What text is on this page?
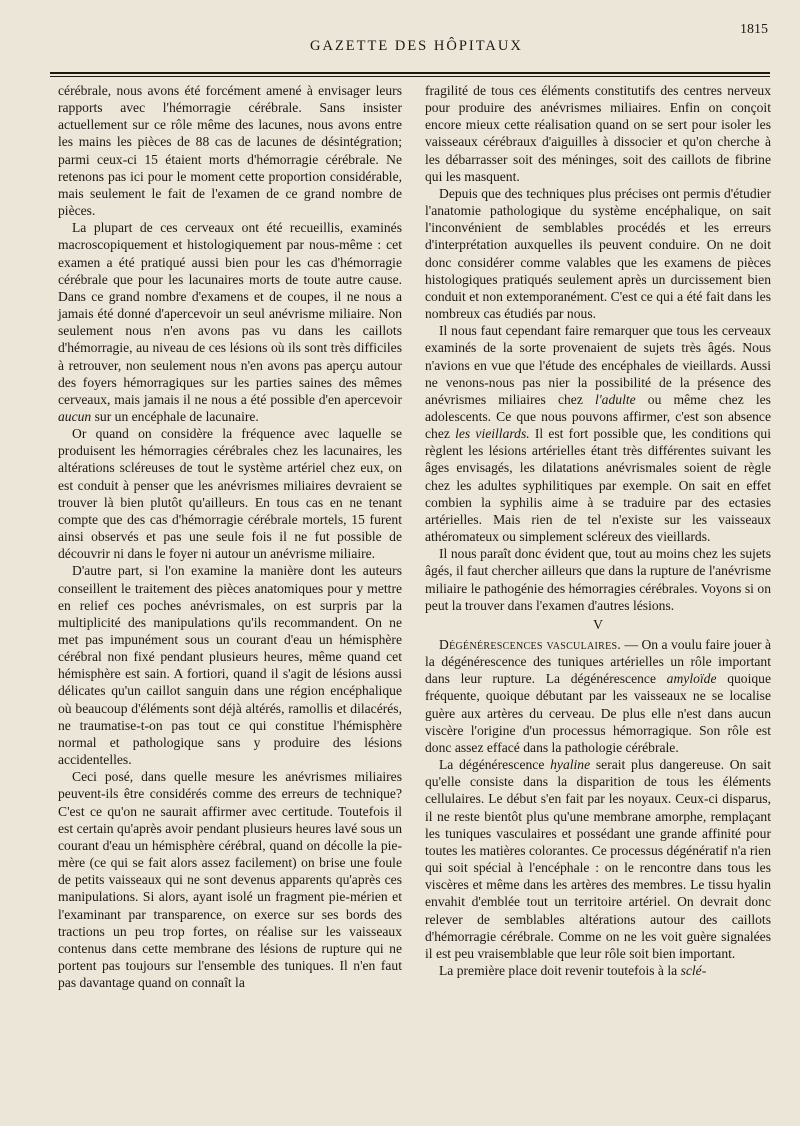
GAZETTE DES HÔPITAUX
1815

cérébrale, nous avons été forcément amené à envisager leurs rapports avec l'hémorragie cérébrale. Sans insister actuellement sur ce rôle même des lacunes, nous avons entre les mains les pièces de 88 cas de lacunes de désintégration; parmi ceux-ci 15 étaient morts d'hémorragie cérébrale. Ne retenons pas ici pour le moment cette proportion considérable, mais seulement le fait de l'examen de ce grand nombre de pièces.

La plupart de ces cerveaux ont été recueillis, examinés macroscopiquement et histologiquement par nous-même : cet examen a été pratiqué aussi bien pour les cas d'hémorragie cérébrale que pour les lacunaires morts de toute autre cause. Dans ce grand nombre d'examens et de coupes, il ne nous a jamais été donné d'apercevoir un seul anévrisme miliaire. Non seulement nous n'en avons pas vu dans les caillots d'hémorragie, au niveau de ces lésions où ils sont très difficiles à retrouver, non seulement nous n'en avons pas aperçu autour des foyers hémorragiques sur les parties saines des mêmes cerveaux, mais jamais il ne nous a été possible d'en apercevoir aucun sur un encéphale de lacunaire.

Or quand on considère la fréquence avec laquelle se produisent les hémorragies cérébrales chez les lacunaires, les altérations scléreuses de tout le système artériel chez eux, on est conduit à penser que les anévrismes miliaires devraient se trouver là bien plutôt qu'ailleurs. En tous cas en ne tenant compte que des cas d'hémorragie cérébrale mortels, 15 furent ainsi observés et pas une seule fois il ne fut possible de découvrir ni dans le foyer ni autour un anévrisme miliaire.

D'autre part, si l'on examine la manière dont les auteurs conseillent le traitement des pièces anatomiques pour y mettre en relief ces poches anévrismales, on est surpris par la multiplicité des manipulations qu'ils recommandent. On ne met pas impunément sous un courant d'eau un hémisphère cérébral non fixé pendant plusieurs heures, même quand cet hémisphère est sain. A fortiori, quand il s'agit de lésions aussi délicates qu'un caillot sanguin dans une région encéphalique où beaucoup d'éléments sont déjà altérés, ramollis et dilacérés, ne traumatise-t-on pas tout ce qui constitue l'hémisphère normal et pathologique sans y produire des lésions accidentelles.

Ceci posé, dans quelle mesure les anévrismes miliaires peuvent-ils être considérés comme des erreurs de technique? C'est ce qu'on ne saurait affirmer avec certitude. Toutefois il est certain qu'après avoir pendant plusieurs heures lavé sous un courant d'eau un hémisphère cérébral, quand on décolle la pie-mère (ce qui se fait alors assez facilement) on brise une foule de petits vaisseaux qui ne sont devenus apparents qu'après ces manipulations. Si alors, ayant isolé un fragment pie-mérien et l'examinant par transparence, on exerce sur ses bords des tractions un peu trop fortes, on réalise sur les vaisseaux contenus dans cette membrane des lésions de rupture qui ne portent pas toujours sur l'ensemble des tuniques. Il n'en faut pas davantage quand on connaît la

fragilité de tous ces éléments constitutifs des centres nerveux pour produire des anévrismes miliaires. Enfin on conçoit encore mieux cette réalisation quand on se sert pour isoler les vaisseaux cérébraux d'aiguilles à dissocier et qu'on cherche à les débarrasser soit des méninges, soit des caillots de fibrine qui les masquent.

Depuis que des techniques plus précises ont permis d'étudier l'anatomie pathologique du système encéphalique, on sait l'inconvénient de semblables procédés et les erreurs d'interprétation auxquelles ils peuvent conduire. On ne doit donc considérer comme valables que les examens de pièces histologiques pratiqués seulement après un durcissement bien conduit et non extemporanément. C'est ce qui a été fait dans les nombreux cas étudiés par nous.

Il nous faut cependant faire remarquer que tous les cerveaux examinés de la sorte provenaient de sujets très âgés. Nous n'avions en vue que l'étude des encéphales de vieillards. Aussi ne venons-nous pas nier la possibilité de la présence des anévrismes miliaires chez l'adulte ou même chez les adolescents. Ce que nous pouvons affirmer, c'est son absence chez les vieillards. Il est fort possible que, les conditions qui règlent les lésions artérielles étant très différentes suivant les âges envisagés, les dilatations anévrismales soient de règle chez les adultes syphilitiques par exemple. On sait en effet combien la syphilis aime à se traduire par des ectasies artérielles. Mais rien de tel n'existe sur les vaisseaux athéromateux ou simplement scléreux des vieillards.

Il nous paraît donc évident que, tout au moins chez les sujets âgés, il faut chercher ailleurs que dans la rupture de l'anévrisme miliaire le pathogénie des hémorragies cérébrales. Voyons si on peut la trouver dans l'examen d'autres lésions.

V

Dégénérescences vasculaires. — On a voulu faire jouer à la dégénérescence des tuniques artérielles un rôle important dans leur rupture. La dégénérescence amyloïde quoique fréquente, quoique débutant par les vaisseaux ne se localise guère aux artères du cerveau. De plus elle n'est dans aucun viscère l'origine d'un processus hémorragique. Son rôle est donc assez effacé dans la pathologie cérébrale.

La dégénérescence hyaline serait plus dangereuse. On sait qu'elle consiste dans la disparition de tous les éléments cellulaires. Le début s'en fait par les noyaux. Ceux-ci disparus, il ne reste bientôt plus qu'une membrane amorphe, remplaçant les tuniques vasculaires et possédant une grande affinité pour toutes les matières colorantes. Ce processus dégénératif n'a rien qui soit spécial à l'encéphale : on le rencontre dans tous les viscères et même dans les artères des membres. Le tissu hyalin envahit d'emblée tout un territoire artériel. On devrait donc relever de semblables altérations autour des caillots d'hémorragie cérébrale. Comme on ne les voit guère signalées il est peu vraisemblable que leur rôle soit bien important.

La première place doit revenir toutefois à la sclé-
